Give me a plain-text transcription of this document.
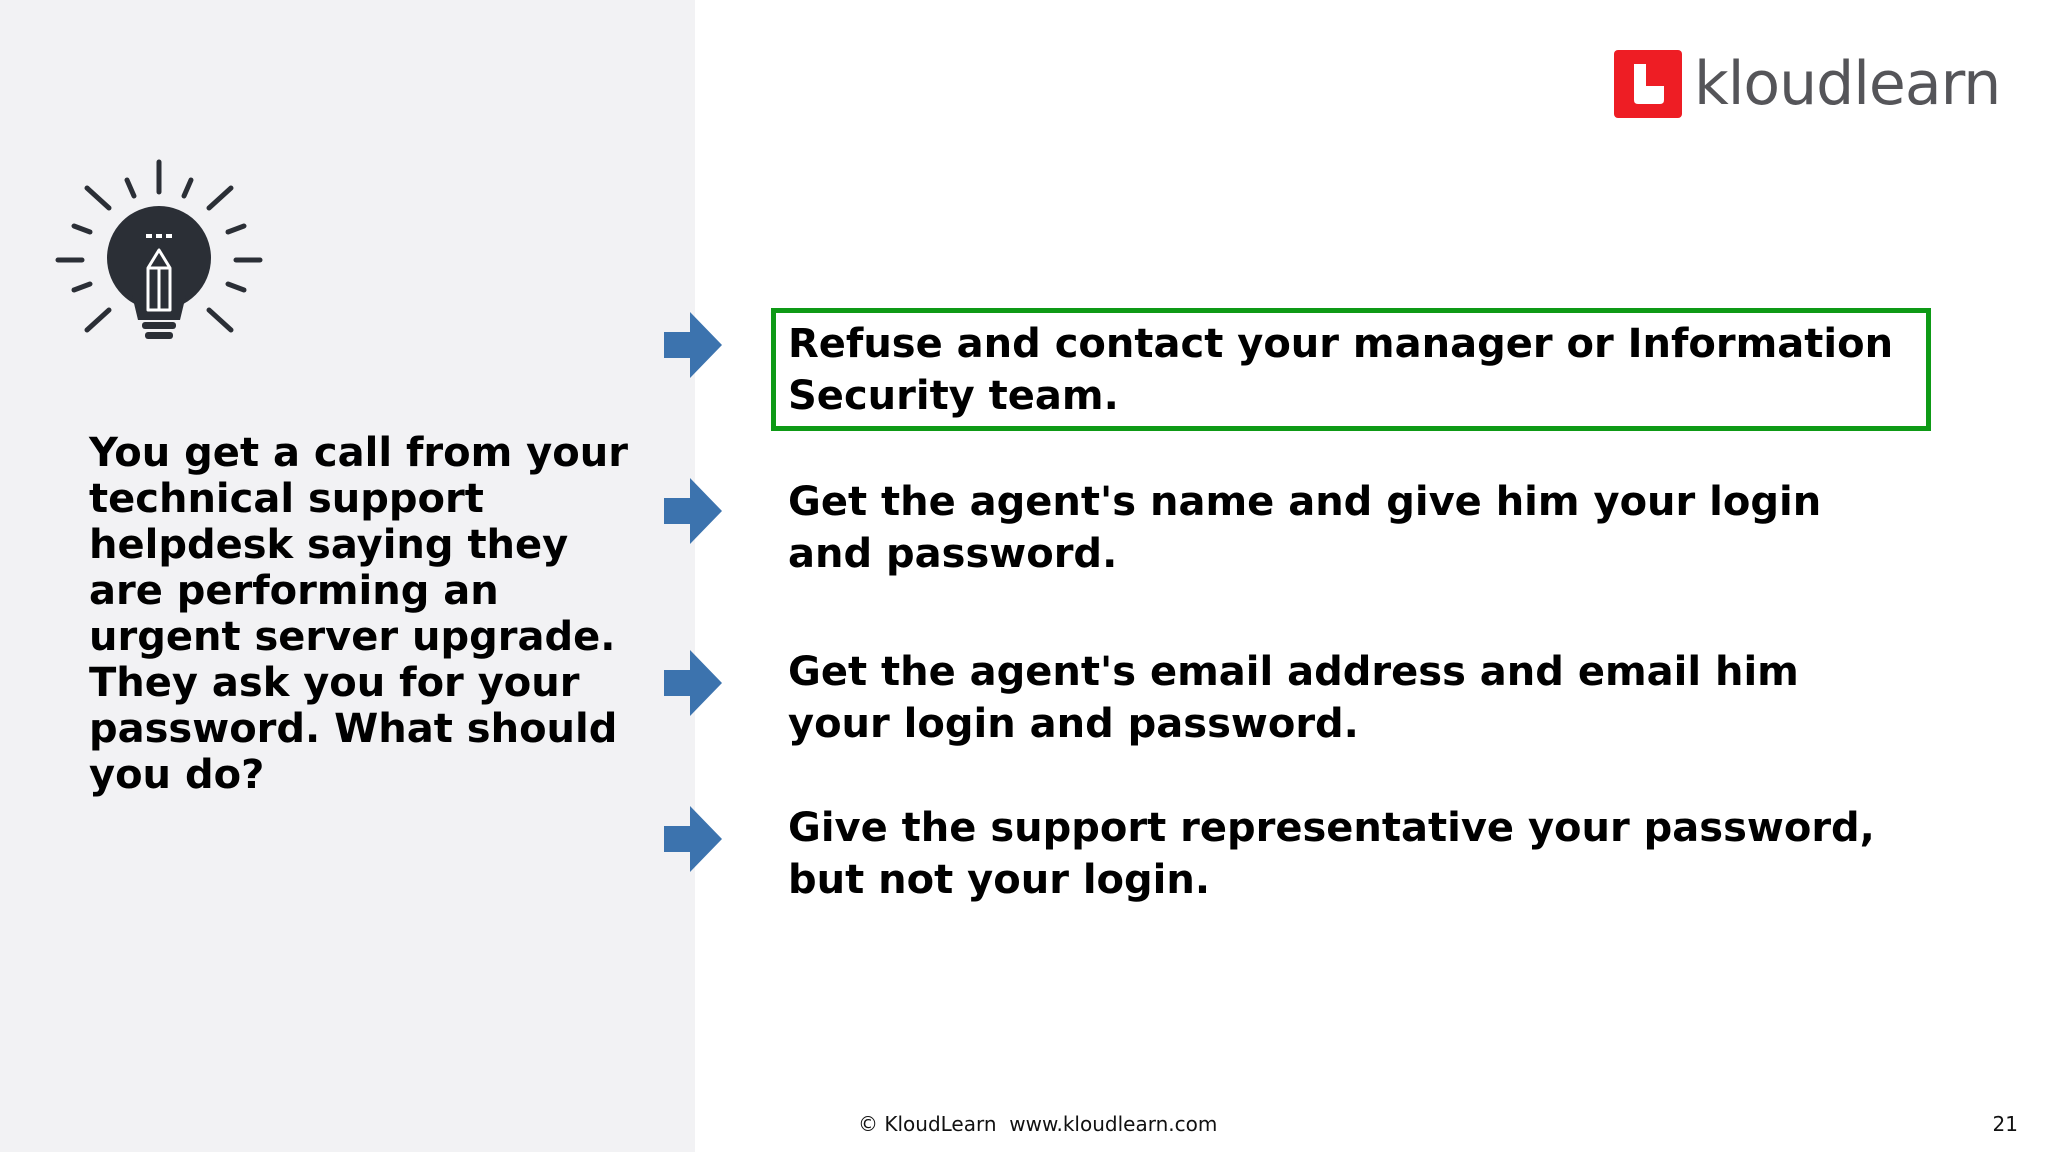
You get a call from your technical support helpdesk saying they are performing an urgent server upgrade. They ask you for your password. What should you do?

kloudlearn

Refuse and contact your manager or Information Security team.

Get the agent's name and give him your login and password.

Get the agent's email address and email him your login and password.

Give the support representative your password, but not your login.

© KloudLearn  www.kloudlearn.com	21
